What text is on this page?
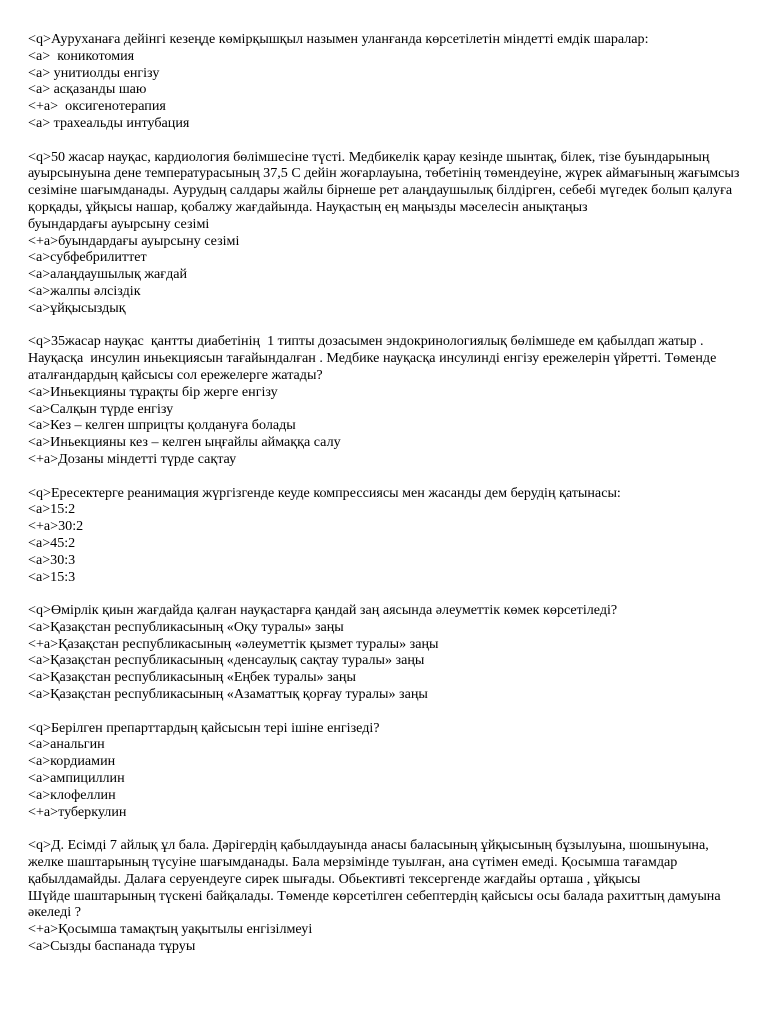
<q>Ауруханаға дейінгі кезеңде көмірқышқыл назымен уланғанда көрсетілетін міндетті емдік шаралар:
<a>  коникотомия
<a> унитиолды енгізу
<a> асқазанды шаю
<+a>  оксигенотерапия
<a> трахеальды интубация
<q>50 жасар науқас, кардиология бөлімшесіне түсті. Медбикелік қарау кезінде шынтақ, білек, тізе буындарының ауырсынуына дене температурасының 37,5 С дейін жоғарлауына, төбетінің төмендеуіне, жүрек аймағының жағымсыз сезіміне шағымданады. Аурудың салдары жайлы бірнеше рет алаңдаушылық білдірген, себебі мүгедек болып қалуға қорқады, ұйқысы нашар, қобалжу жағдайында. Науқастың ең маңызды мәселесін анықтаңыз
буындардағы ауырсыну сезімі
<+a>буындардағы ауырсыну сезімі
<a>субфебрилиттет
<a>алаңдаушылық жағдай
<a>жалпы әлсіздік
<a>ұйқысыздық
<q>35жасар науқас  қантты диабетінің  1 типты дозасымен эндокринологиялық бөлімшеде ем қабылдап жатыр . Науқасқа  инсулин иньекциясын тағайындалған . Медбике науқасқа инсулинді енгізу ережелерін үйретті. Төменде аталғандардың қайсысы сол ережелерге жатады?
<a>Иньекцияны тұрақты бір жерге енгізу
<a>Салқын түрде енгізу
<a>Кез – келген шприцты қолдануға болады
<a>Иньекцияны кез – келген ыңғайлы аймаққа салу
<+a>Дозаны міндетті түрде сақтау
<q>Ересектерге реанимация жүргізгенде кеуде компрессиясы мен жасанды дем берудің қатынасы:
<a>15:2
<+a>30:2
<a>45:2
<a>30:3
<a>15:3
<q>Өмірлік қиын жағдайда қалған науқастарға қандай заң аясында әлеуметтік көмек көрсетіледі?
<a>Қазақстан республикасының «Оқу туралы» заңы
<+a>Қазақстан республикасының «әлеуметтік қызмет туралы» заңы
<a>Қазақстан республикасының «денсаулық сақтау туралы» заңы
<a>Қазақстан республикасының «Еңбек туралы» заңы
<a>Қазақстан республикасының «Азаматтық қорғау туралы» заңы
<q>Берілген препарттардың қайсысын тері ішіне енгізеді?
<a>анальгин
<a>кордиамин
<a>ампициллин
<a>клофеллин
<+a>туберкулин
<q>Д. Есімді 7 айлық ұл бала. Дәрігердің қабылдауында анасы баласының ұйқысының бұзылуына, шошынуына, желке шаштарының түсуіне шағымданады. Бала мерзімінде туылған, ана сүтімен емеді. Қосымша тағамдар қабылдамайды. Далаға серуендеуге сирек шығады. Обьективті тексергенде жағдайы орташа , ұйқысы
Шүйде шаштарының түскені байқалады. Төменде көрсетілген себептердің қайсысы осы балада рахиттың дамуына әкеледі ?
<+a>Қосымша тамақтың уақытылы енгізілмеуі
<a>Сызды баспанада тұруы
